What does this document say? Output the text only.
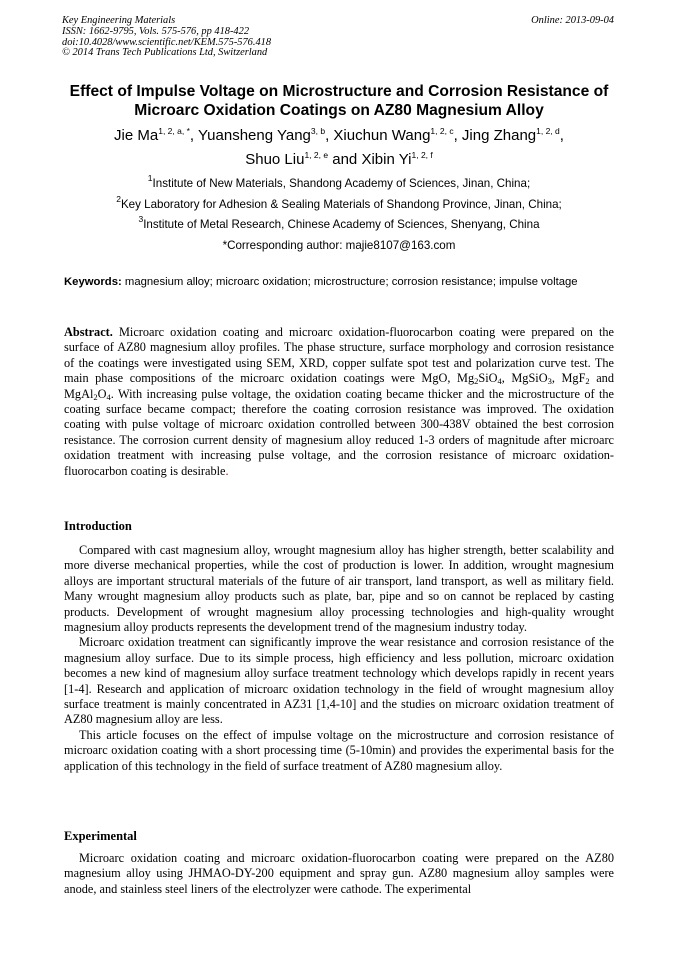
Key Engineering Materials
ISSN: 1662-9795, Vols. 575-576, pp 418-422
doi:10.4028/www.scientific.net/KEM.575-576.418
© 2014 Trans Tech Publications Ltd, Switzerland
Online: 2013-09-04
Effect of Impulse Voltage on Microstructure and Corrosion Resistance of
Microarc Oxidation Coatings on AZ80 Magnesium Alloy
Jie $Ma^{1, 2, a, *}$, Yuansheng Yang$^{3, b}$, Xiuchun Wang$^{1, 2, c}$, Jing Zhang$^{1, 2, d}$,
Shuo Liu$^{1, 2, e}$ and Xibin Yi$^{1, 2, f}$
$^1$Institute of New Materials, Shandong Academy of Sciences, Jinan, China;
$^2$Key Laboratory for Adhesion & Sealing Materials of Shandong Province, Jinan, China;
$^3$Institute of Metal Research, Chinese Academy of Sciences, Shenyang, China
*Corresponding author: majie8107@163.com
Keywords: magnesium alloy; microarc oxidation; microstructure; corrosion resistance; impulse voltage

Abstract. Microarc oxidation coating and microarc oxidation-fluorocarbon coating were prepared on the surface of AZ80 magnesium alloy profiles. The phase structure, surface morphology and corrosion resistance of the coatings were investigated using SEM, XRD, copper sulfate spot test and polarization curve test. The main phase compositions of the microarc oxidation coatings were MgO, $Mg_2SiO_4$, MgSiO$_3$, MgF$_2$ and $MgAl_2O_4$. With increasing pulse voltage, the oxidation coating became thicker and the microstructure of the coating surface became compact; therefore the coating corrosion resistance was improved. The oxidation coating with pulse voltage of microarc oxidation controlled between 300-438V obtained the best corrosion resistance. The corrosion current density of magnesium alloy reduced 1-3 orders of magnitude after microarc oxidation treatment with increasing pulse voltage, and the corrosion resistance of microarc oxidation-fluorocarbon coating is desirable.

Introduction

Compared with cast magnesium alloy, wrought magnesium alloy has higher strength, better scalability and more diverse mechanical properties, while the cost of production is lower. In addition, wrought magnesium alloys are important structural materials of the future of air transport, land transport, as well as military field. Many wrought magnesium alloy products such as plate, bar, pipe and so on cannot be replaced by casting products. Development of wrought magnesium alloy processing technologies and high-quality wrought magnesium alloy products represents the development trend of the magnesium industry today.

Microarc oxidation treatment can significantly improve the wear resistance and corrosion resistance of the magnesium alloy surface. Due to its simple process, high efficiency and less pollution, microarc oxidation becomes a new kind of magnesium alloy surface treatment technology which develops rapidly in recent years [1-4]. Research and application of microarc oxidation technology in the field of wrought magnesium alloy surface treatment is mainly concentrated in AZ31 [1,4-10] and the studies on microarc oxidation treatment of AZ80 magnesium alloy are less.

This article focuses on the effect of impulse voltage on the microstructure and corrosion resistance of microarc oxidation coating with a short processing time (5-10min) and provides the experimental basis for the application of this technology in the field of surface treatment of AZ80 magnesium alloy.

Experimental

Microarc oxidation coating and microarc oxidation-fluorocarbon coating were prepared on the AZ80 magnesium alloy using JHMAO-DY-200 equipment and spray gun. AZ80 magnesium alloy samples were anode, and stainless steel liners of the electrolyzer were cathode. The experimental
